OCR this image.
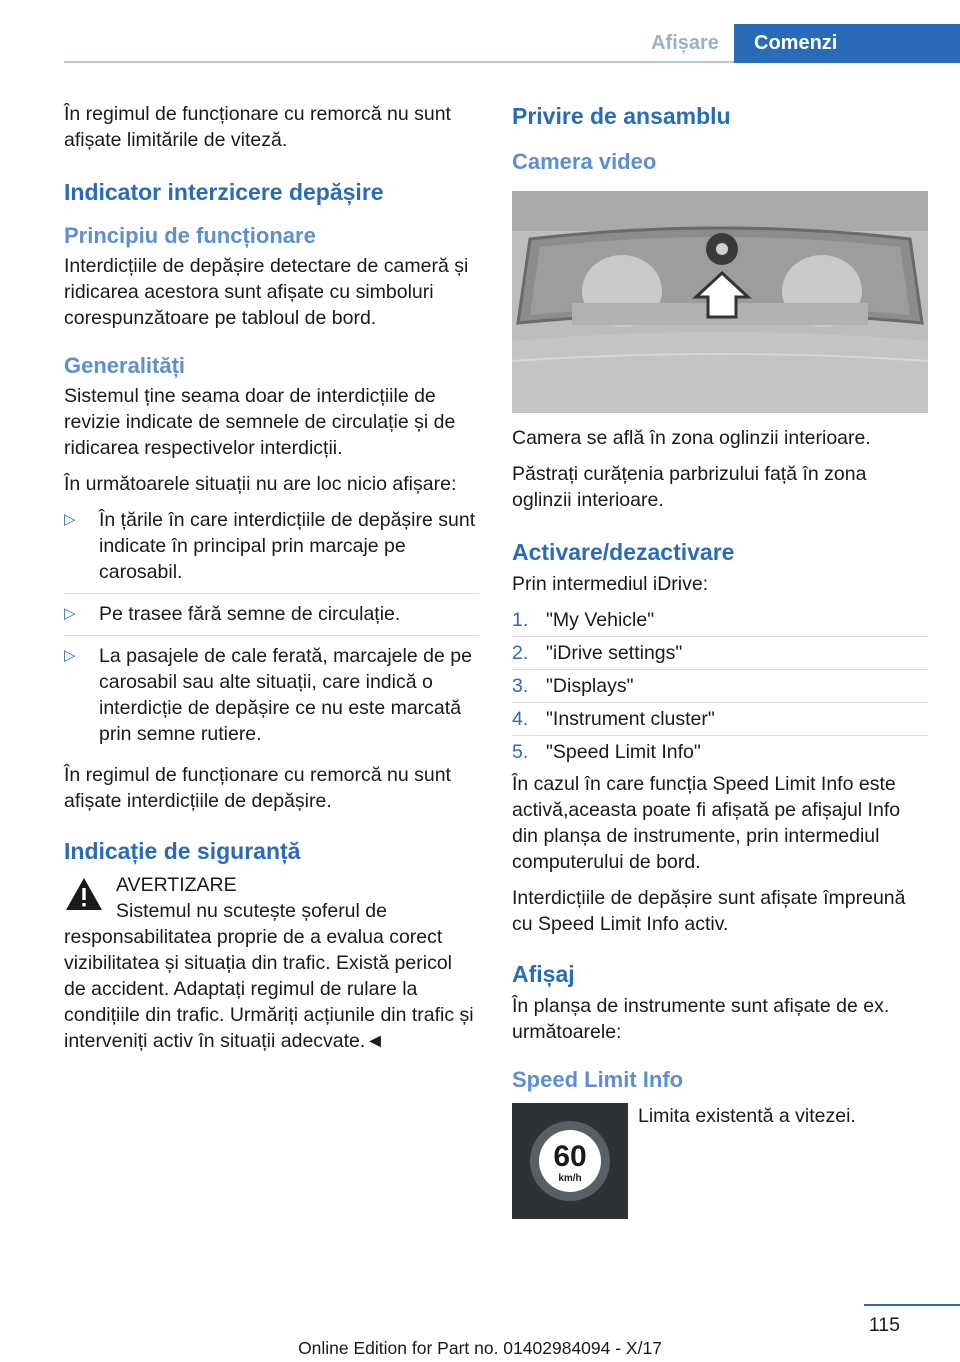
Afișare	Comenzi

În regimul de funcționare cu remorcă nu sunt afișate limitările de viteză.

Indicator interzicere depășire
Principiu de funcționare

Interdicțiile de depășire detectare de cameră și ridicarea acestora sunt afișate cu simboluri corespunzătoare pe tabloul de bord.

Generalități

Sistemul ține seama doar de interdicțiile de revizie indicate de semnele de circulație și de ridicarea respectivelor interdicții.

În următoarele situații nu are loc nicio afișare:

▷ În țările în care interdicțiile de depășire sunt indicate în principal prin marcaje pe carosabil.
▷ Pe trasee fără semne de circulație.
▷ La pasajele de cale ferată, marcajele de pe carosabil sau alte situații, care indică o interdicție de depășire ce nu este marcată prin semne rutiere.

În regimul de funcționare cu remorcă nu sunt afișate interdicțiile de depășire.

Indicație de siguranță
AVERTIZARE

Sistemul nu scutește șoferul de responsabilitatea proprie de a evalua corect vizibilitatea și situația din trafic. Există pericol de accident. Adaptați regimul de rulare la condițiile din trafic. Urmăriți acțiunile din trafic și interveniți activ în situații adecvate.◄

Privire de ansamblu
Camera video

Camera se află în zona oglinzii interioare.

Păstrați curățenia parbrizului față în zona oglinzii interioare.

Activare/dezactivare

Prin intermediul iDrive:

1. "My Vehicle"
2. "iDrive settings"
3. "Displays"
4. "Instrument cluster"
5. "Speed Limit Info"

În cazul în care funcția Speed Limit Info este activă,aceasta poate fi afișată pe afișajul Info din planșa de instrumente, prin intermediul computerului de bord.

Interdicțiile de depășire sunt afișate împreună cu Speed Limit Info activ.

Afișaj

În planșa de instrumente sunt afișate de ex. următoarele:

Speed Limit Info
60
km/h
Limita existentă a vitezei.
115
Online Edition for Part no. 01402984094 - X/17
